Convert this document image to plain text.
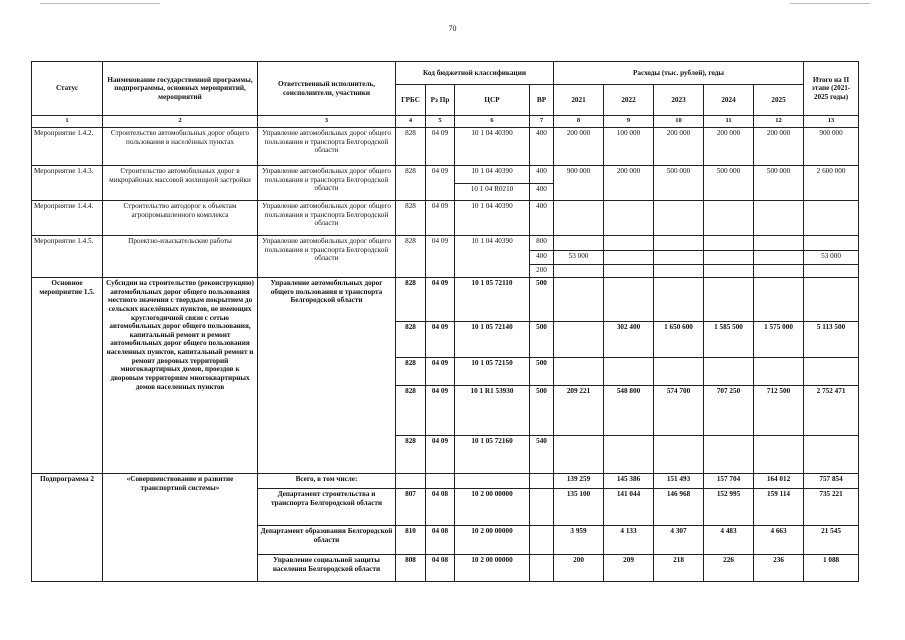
70
Статус	Наименование государственной программы, подпрограммы, основных мероприятий, мероприятий	Ответственный исполнитель, соисполнители, участники	Код бюджетной классификации				Расходы (тыс. рублей), годы					Итого на II этапе (2021-2025 годы)
			ГРБС	Рз Пр	ЦСР	ВР	2021	2022	2023	2024	2025	
1	2	3	4	5	6	7	8	9	10	11	12	13
Мероприятие 1.4.2.	Строительство автомобильных дорог общего пользования в населённых пунктах	Управление автомобильных дорог общего пользования и транспорта Белгородской области	828	04 09	10 1 04 40390	400	200 000	100 000	200 000	200 000	200 000	900 000
Мероприятие 1.4.3.	Строительство автомобильных дорог в микрорайонах массовой жилищной застройки	Управление автомобильных дорог общего пользования и транспорта Белгородской области	828	04 09	10 1 04 40390	400	900 000	200 000	500 000	500 000	500 000	2 600 000
					10 1 04 R0210	400						
Мероприятие 1.4.4.	Строительство автодорог к объектам агропромышленного комплекса	Управление автомобильных дорог общего пользования и транспорта Белгородской области	828	04 09	10 1 04 40390	400						
Мероприятие 1.4.5.	Проектно-изыскательские работы	Управление автомобильных дорог общего пользования и транспорта Белгородской области	828	04 09	10 1 04 40390	800						
						400	53 000					53 000
						200						
Основное мероприятие 1.5.	Субсидии на строительство (реконструкцию) автомобильных дорог общего пользования местного значения с твердым покрытием до сельских населённых пунктов, не имеющих круглогодичной связи с сетью автомобильных дорог общего пользования, капитальный ремонт и ремонт автомобильных дорог общего пользования населенных пунктов, капитальный ремонт и ремонт дворовых территорий многоквартирных домов, проездов к дворовым территориям многоквартирных домов населенных пунктов	Управление автомобильных дорог общего пользования и транспорта Белгородской области	828	04 09	10 1 05 72110	500						
			828	04 09	10 1 05 72140	500		302 400	1 650 600	1 585 500	1 575 000	5 113 500
			828	04 09	10 1 05 72150	500						
			828	04 09	10 1 R1 53930	500	209 221	548 800	574 700	707 250	712 500	2 752 471
			828	04 09	10 1 05 72160	540						
Подпрограмма 2	«Совершенствование и развитие транспортной системы»	Всего, в том числе:					139 259	145 386	151 493	157 704	164 012	757 854
		Департамент строительства и транспорта Белгородской области	807	04 08	10 2 00 00000		135 100	141 044	146 968	152 995	159 114	735 221
		Департамент образования Белгородской области	810	04 08	10 2 00 00000		3 959	4 133	4 307	4 483	4 663	21 545
		Управление социальной защиты населения Белгородской области	808	04 08	10 2 00 00000		200	209	218	226	236	1 088
